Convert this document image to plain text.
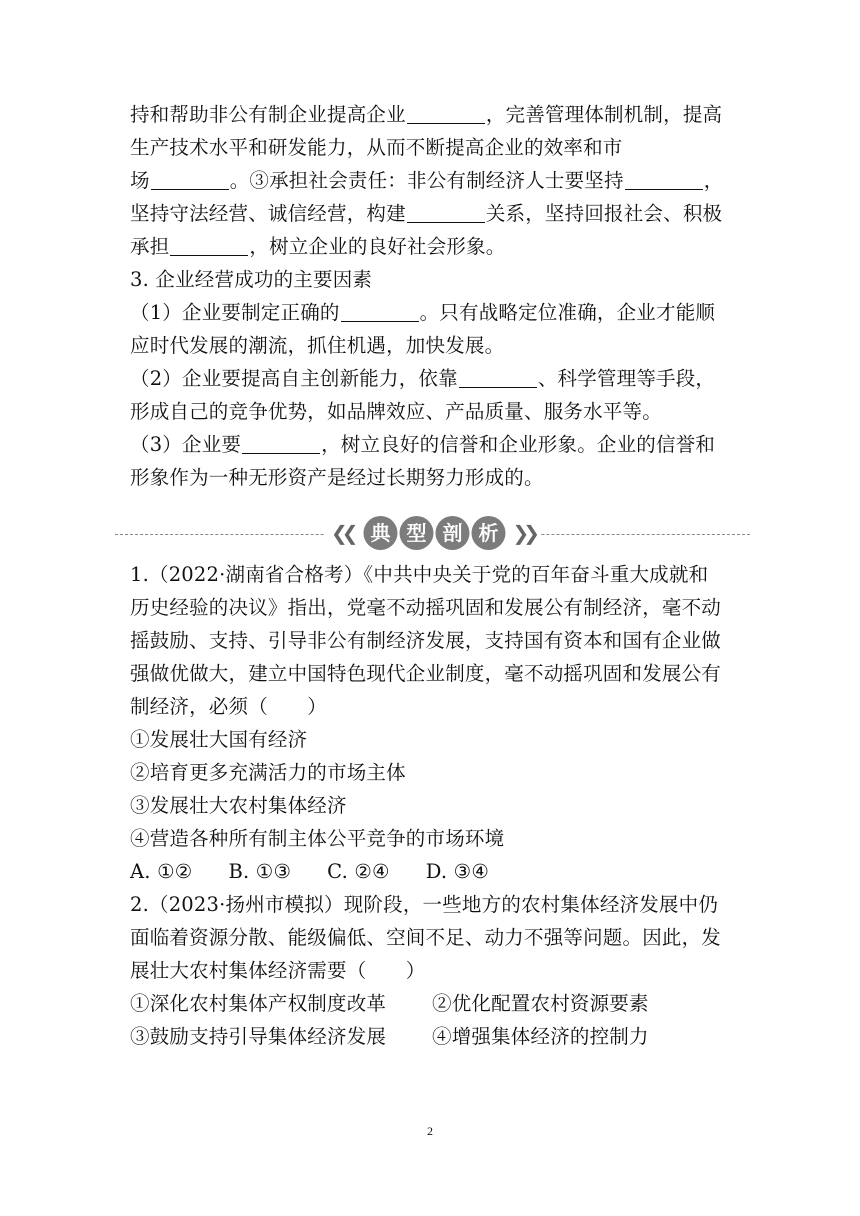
持和帮助非公有制企业提高企业	，完善管理体制机制，提高
生产技术水平和研发能力，从而不断提高企业的效率和市
场	。③承担社会责任：非公有制经济人士要坚持	，
坚持守法经营、诚信经营，构建	关系，坚持回报社会、积极
承担	，树立企业的良好社会形象。
3. 企业经营成功的主要因素
（1）企业要制定正确的	。只有战略定位准确，企业才能顺
应时代发展的潮流，抓住机遇，加快发展。
（2）企业要提高自主创新能力，依靠	、科学管理等手段，
形成自己的竞争优势，如品牌效应、产品质量、服务水平等。
（3）企业要	，树立良好的信誉和企业形象。企业的信誉和
形象作为一种无形资产是经过长期努力形成的。
❮❮ 典 型 剖 析 ❯❯
1.（2022·湖南省合格考）《中共中央关于党的百年奋斗重大成就和
历史经验的决议》指出，党毫不动摇巩固和发展公有制经济，毫不动
摇鼓励、支持、引导非公有制经济发展，支持国有资本和国有企业做
强做优做大，建立中国特色现代企业制度，毫不动摇巩固和发展公有
制经济，必须（　　）
①发展壮大国有经济
②培育更多充满活力的市场主体
③发展壮大农村集体经济
④营造各种所有制主体公平竞争的市场环境
A. ①② B. ①③ C. ②④ D. ③④
2.（2023·扬州市模拟）现阶段，一些地方的农村集体经济发展中仍
面临着资源分散、能级偏低、空间不足、动力不强等问题。因此，发
展壮大农村集体经济需要（　　）
①深化农村集体产权制度改革 ②优化配置农村资源要素
③鼓励支持引导集体经济发展 ④增强集体经济的控制力
2
